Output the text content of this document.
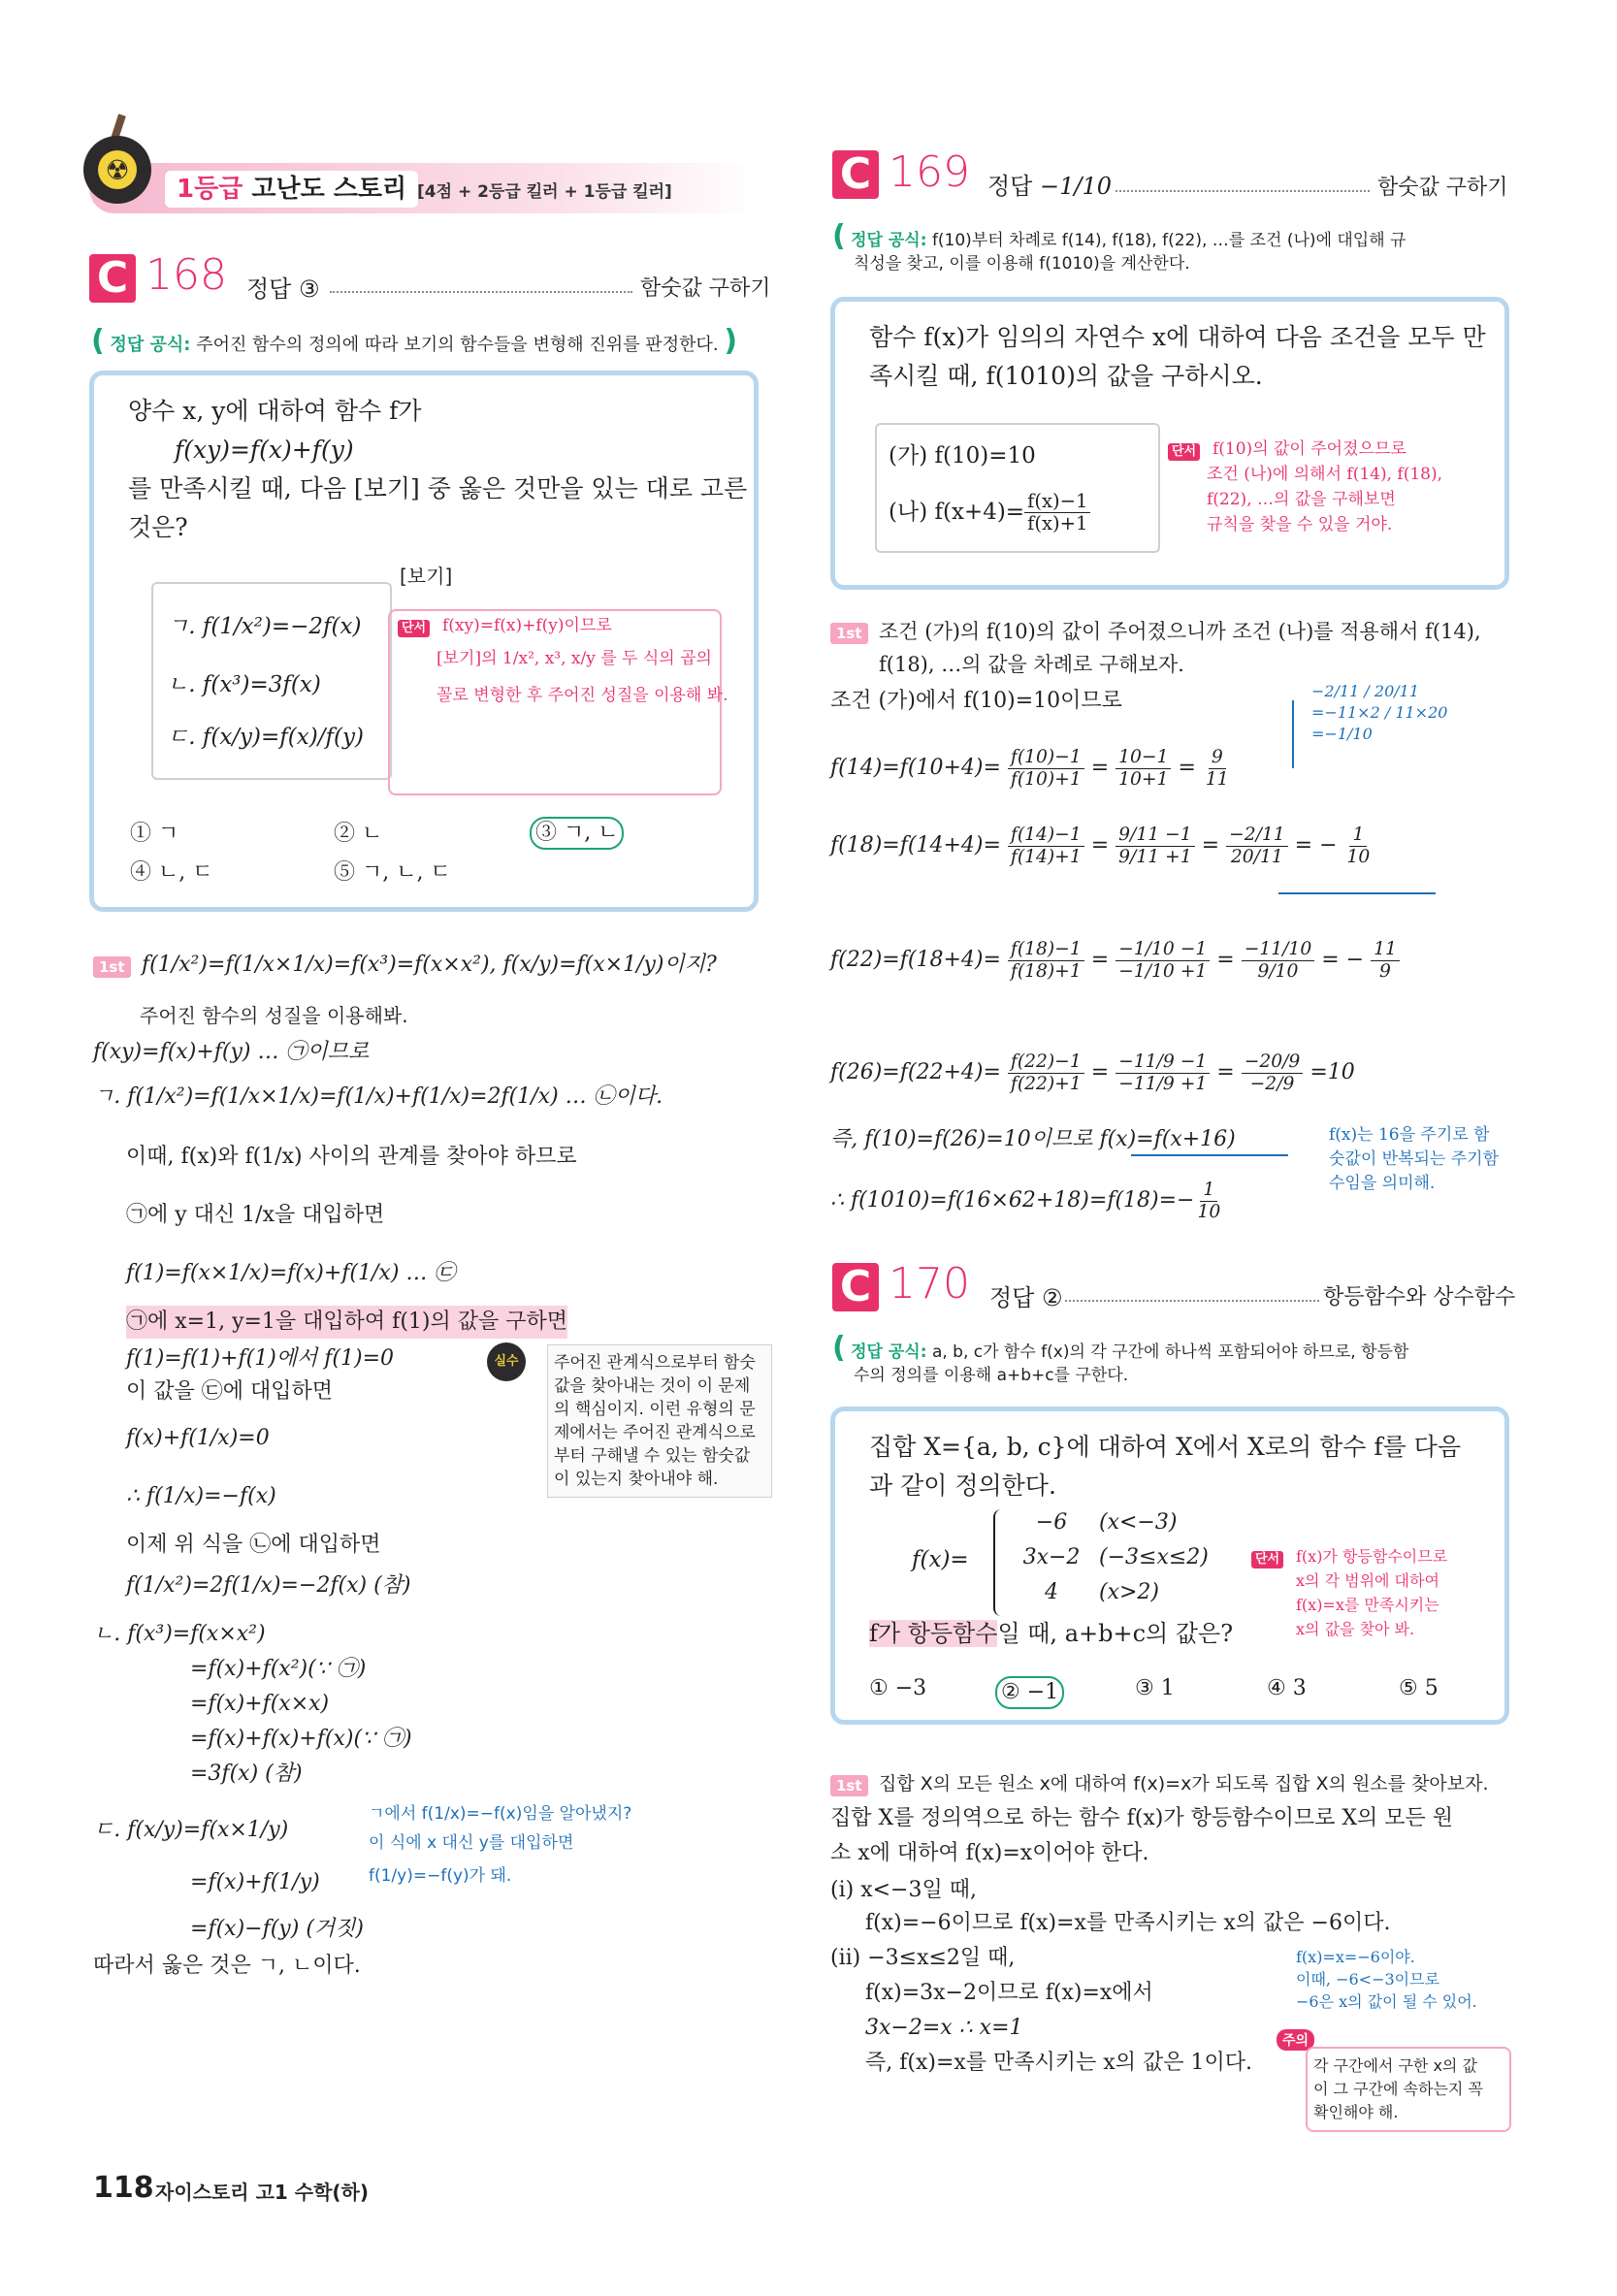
☢
1등급 고난도 스토리 [4점 + 2등급 킬러 + 1등급 킬러]
C 168 정답 ③	함숫값 구하기
( 정답 공식: 주어진 함수의 정의에 따라 보기의 함수들을 변형해 진위를 판정한다. )
양수 x, y에 대하여 함수 f가
f(xy)=f(x)+f(y)
를 만족시킬 때, 다음 [보기] 중 옳은 것만을 있는 대로 고른
것은?
[보기]
ㄱ. f(1/x²)=−2f(x)
ㄴ. f(x³)=3f(x)
ㄷ. f(x/y)=f(x)/f(y)
단서 f(xy)=f(x)+f(y)이므로
[보기]의 1/x², x³, x/y 를 두 식의 곱의
꼴로 변형한 후 주어진 성질을 이용해 봐.
① ㄱ	② ㄴ	③ ㄱ, ㄴ
④ ㄴ, ㄷ	⑤ ㄱ, ㄴ, ㄷ
1st f(1/x²)=f(1/x×1/x)=f(x³)=f(x×x²), f(x/y)=f(x×1/y)이지?
주어진 함수의 성질을 이용해봐.
f(xy)=f(x)+f(y) … ㉠이므로
ㄱ. f(1/x²)=f(1/x×1/x)=f(1/x)+f(1/x)=2f(1/x) … ㉡이다.
이때, f(x)와 f(1/x) 사이의 관계를 찾아야 하므로
㉠에 y 대신 1/x을 대입하면
f(1)=f(x×1/x)=f(x)+f(1/x) … ㉢
㉠에 x=1, y=1을 대입하여 f(1)의 값을 구하면
f(1)=f(1)+f(1)에서 f(1)=0
이 값을 ㉢에 대입하면
f(x)+f(1/x)=0
∴ f(1/x)=−f(x)
이제 위 식을 ㉡에 대입하면
f(1/x²)=2f(1/x)=−2f(x) (참)
ㄴ. f(x³)=f(x×x²)
=f(x)+f(x²)(∵ ㉠)
=f(x)+f(x×x)
=f(x)+f(x)+f(x)(∵ ㉠)
=3f(x) (참)
ㄷ. f(x/y)=f(x×1/y)
=f(x)+f(1/y)
=f(x)−f(y) (거짓)
따라서 옳은 것은 ㄱ, ㄴ이다.
실수	주어진 관계식으로부터 함숫값을 찾아내는 것이 이 문제의 핵심이지. 이런 유형의 문제에서는 주어진 관계식으로부터 구해낼 수 있는 함숫값이 있는지 찾아내야 해.
ㄱ에서 f(1/x)=−f(x)임을 알아냈지?
이 식에 x 대신 y를 대입하면
f(1/y)=−f(y)가 돼.
C 169 정답 −1/10	함숫값 구하기
( 정답 공식: f(10)부터 차례로 f(14), f(18), f(22), …를 조건 (나)에 대입해 규
칙성을 찾고, 이를 이용해 f(1010)을 계산한다.
함수 f(x)가 임의의 자연수 x에 대하여 다음 조건을 모두 만
족시킬 때, f(1010)의 값을 구하시오.
(가) f(10)=10
(나) $f(x+4)= \frac{f(x)-1}{f(x)+1}$
단서 f(10)의 값이 주어졌으므로
조건 (나)에 의해서 f(14), f(18),
f(22), …의 값을 구해보면
규칙을 찾을 수 있을 거야.
1st 조건 (가)의 f(10)의 값이 주어졌으니까 조건 (나)를 적용해서 f(14),
f(18), …의 값을 차례로 구해보자.
조건 (가)에서 f(10)=10이므로
$f(14)=f(10+4)= \frac{f(10)-1}{f(10)+1} = \frac{10-1}{10+1} = \frac{9}{11}$
$f(18)=f(14+4)= \frac{f(14)-1}{f(14)+1} = \frac{9/11 -1}{9/11 +1} = \frac{-2/11}{20/11}$ = − $\frac{1}{10}$
$f(22)=f(18+4)= \frac{f(18)-1}{f(18)+1} = \frac{-1/10 -1}{-1/10 +1} = \frac{-11/10}{9/10}$ = − $\frac{11}{9}$
$f(26)=f(22+4)= \frac{f(22)-1}{f(22)+1} = \frac{-11/9 -1}{-11/9 +1} = \frac{-20/9}{-2/9} =10$
−2/11 / 20/11
=−11×2 / 11×20
=−1/10
즉, f(10)=f(26)=10이므로 f(x)=f(x+16)	f(x)는 16을 주기로 함
숫값이 반복되는 주기함
수임을 의미해.
∴ $f(1010)=f(16\times 62+18)=f(18)=- \frac{1}{10}$
C 170 정답 ②	항등함수와 상수함수
( 정답 공식: a, b, c가 함수 f(x)의 각 구간에 하나씩 포함되어야 하므로, 항등함
수의 정의를 이용해 a+b+c를 구한다.
집합 X={a, b, c}에 대하여 X에서 X로의 함수 f를 다음
과 같이 정의한다.
f(x)=
−6 (x<−3)
3x−2 (−3≤x≤2)
4 (x>2)
f가 항등함수일 때, a+b+c의 값은?
단서 f(x)가 항등함수이므로
x의 각 범위에 대하여
f(x)=x를 만족시키는
x의 값을 찾아 봐.
① −3	② −1	③ 1	④ 3	⑤ 5
1st 집합 X의 모든 원소 x에 대하여 f(x)=x가 되도록 집합 X의 원소를 찾아보자.
집합 X를 정의역으로 하는 함수 f(x)가 항등함수이므로 X의 모든 원
소 x에 대하여 f(x)=x이어야 한다.
(ⅰ) x<−3일 때,
f(x)=−6이므로 f(x)=x를 만족시키는 x의 값은 −6이다.
(ⅱ) −3≤x≤2일 때,
f(x)=3x−2이므로 f(x)=x에서
3x−2=x ∴ x=1
즉, f(x)=x를 만족시키는 x의 값은 1이다.
f(x)=x=−6이야.
이때, −6<−3이므로
−6은 x의 값이 될 수 있어.
주의
각 구간에서 구한 x의 값
이 그 구간에 속하는지 꼭
확인해야 해.
118 자이스토리 고1 수학(하)
